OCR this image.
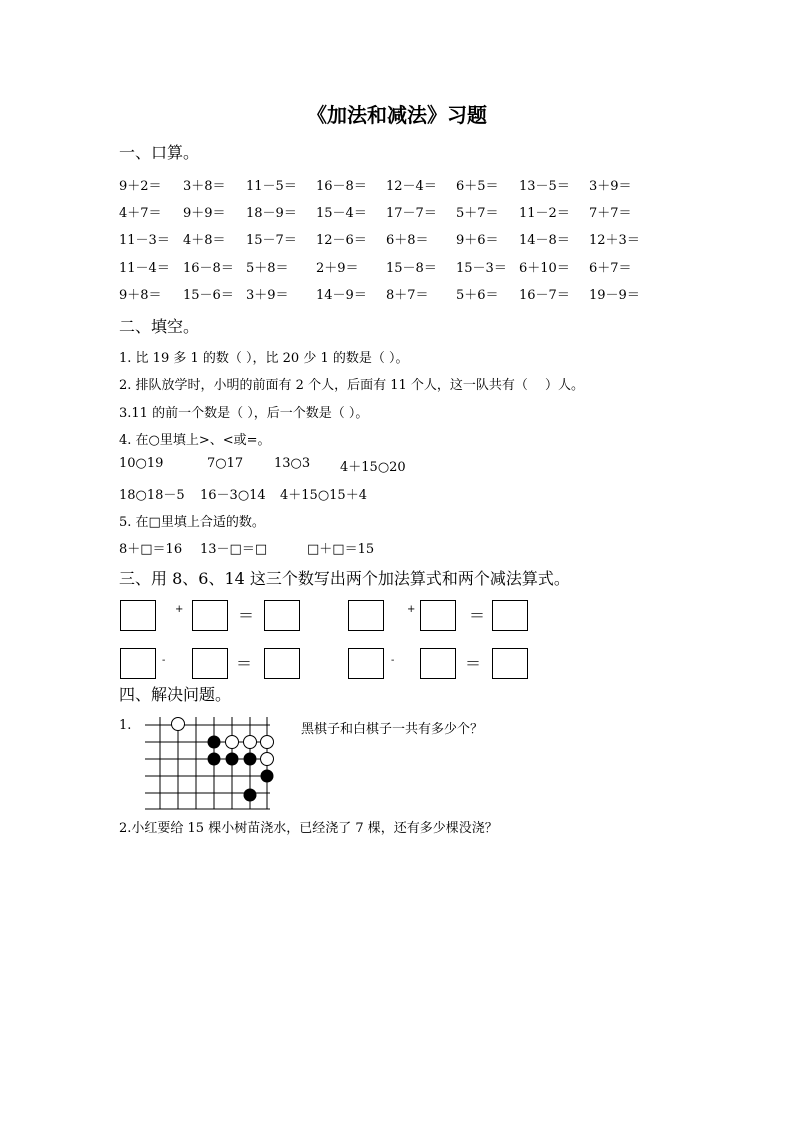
《加法和减法》习题
一、口算。
9＋2＝ 3＋8＝ 11－5＝ 16－8＝ 12－4＝ 6＋5＝ 13－5＝ 3＋9＝
4＋7＝ 9＋9＝ 18－9＝ 15－4＝ 17－7＝ 5＋7＝ 11－2＝ 7＋7＝
11－3＝ 4＋8＝ 15－7＝ 12－6＝ 6＋8＝ 9＋6＝ 14－8＝ 12＋3＝
11－4＝ 16－8＝ 5＋8＝ 2＋9＝ 15－8＝ 15－3＝ 6＋10＝ 6＋7＝
9＋8＝ 15－6＝ 3＋9＝ 14－9＝ 8＋7＝ 5＋6＝ 16－7＝ 19－9＝
二、填空。
1. 比 19 多 1 的数（ ），比 20 少 1 的数是（ ）。
2. 排队放学时，小明的前面有 2 个人，后面有 11 个人，这一队共有（　 ）人。
3.11 的前一个数是（ ），后一个数是（ ）。
4. 在○里填上>、<或=。
10○19	7○17 13○3 4＋15○20
18○18－5 16－3○14 4＋15○15＋4
5. 在□里填上合适的数。
8＋□＝16 13－□＝□	□＋□＝15
三、用 8、6、14 这三个数写出两个加法算式和两个减法算式。
+	＝	+	＝
-	＝	-	＝
四、解决问题。
1.	黑棋子和白棋子一共有多少个？
2.小红要给 15 棵小树苗浇水，已经浇了 7 棵，还有多少棵没浇？
